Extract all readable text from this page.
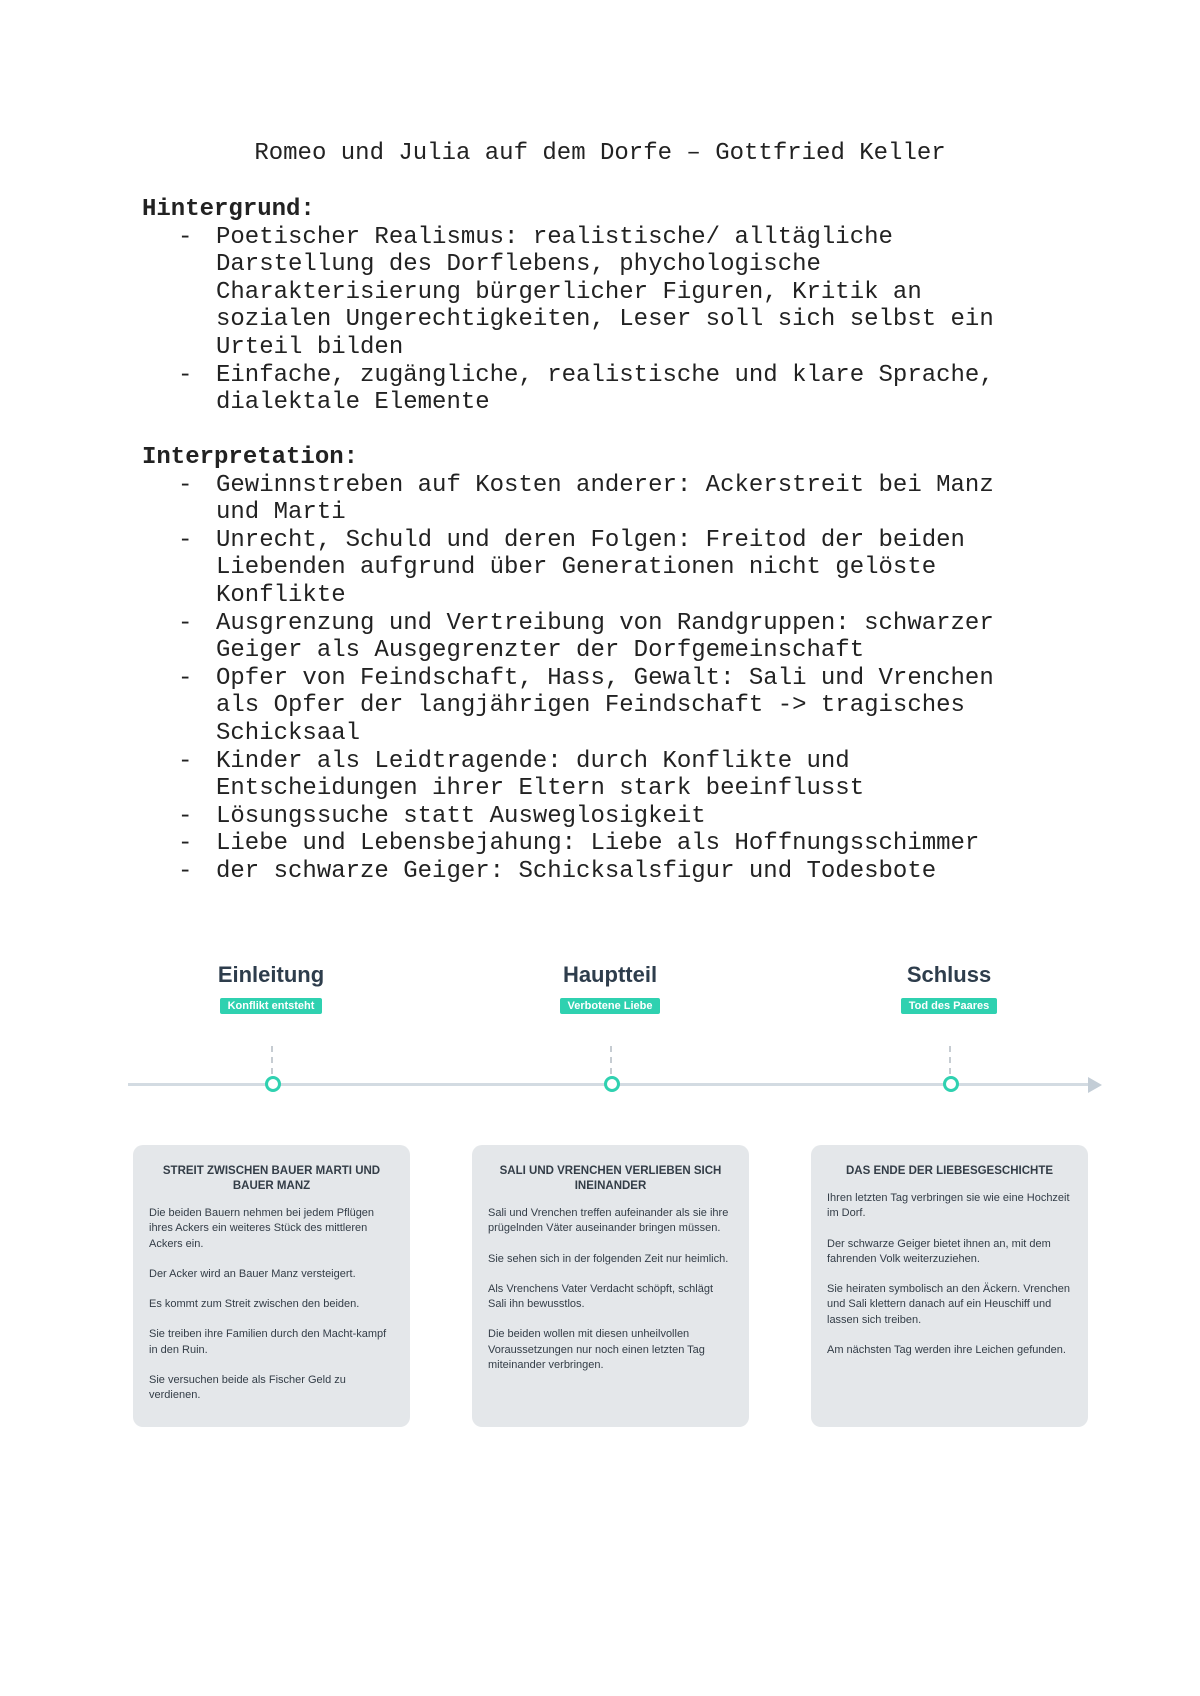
Romeo und Julia auf dem Dorfe – Gottfried Keller
Hintergrund:
- Poetischer Realismus: realistische/ alltägliche
Darstellung des Dorflebens, phychologische
Charakterisierung bürgerlicher Figuren, Kritik an
sozialen Ungerechtigkeiten, Leser soll sich selbst ein
Urteil bilden
- Einfache, zugängliche, realistische und klare Sprache,
dialektale Elemente
Interpretation:
- Gewinnstreben auf Kosten anderer: Ackerstreit bei Manz
und Marti
- Unrecht, Schuld und deren Folgen: Freitod der beiden
Liebenden aufgrund über Generationen nicht gelöste
Konflikte
- Ausgrenzung und Vertreibung von Randgruppen: schwarzer
Geiger als Ausgegrenzter der Dorfgemeinschaft
- Opfer von Feindschaft, Hass, Gewalt: Sali und Vrenchen
als Opfer der langjährigen Feindschaft -> tragisches
Schicksaal
- Kinder als Leidtragende: durch Konflikte und
Entscheidungen ihrer Eltern stark beeinflusst
- Lösungssuche statt Ausweglosigkeit
- Liebe und Lebensbejahung: Liebe als Hoffnungsschimmer
- der schwarze Geiger: Schicksalsfigur und Todesbote
Einleitung
Konflikt entsteht
Hauptteil
Verbotene Liebe
Schluss
Tod des Paares
STREIT ZWISCHEN BAUER MARTI UND BAUER MANZ

Die beiden Bauern nehmen bei jedem Pflügen ihres Ackers ein weiteres Stück des mittleren Ackers ein.

Der Acker wird an Bauer Manz versteigert.

Es kommt zum Streit zwischen den beiden.

Sie treiben ihre Familien durch den Macht-kampf in den Ruin.

Sie versuchen beide als Fischer Geld zu verdienen.

SALI UND VRENCHEN VERLIEBEN SICH INEINANDER

Sali und Vrenchen treffen aufeinander als sie ihre prügelnden Väter auseinander bringen müssen.

Sie sehen sich in der folgenden Zeit nur heimlich.

Als Vrenchens Vater Verdacht schöpft, schlägt Sali ihn bewusstlos.

Die beiden wollen mit diesen unheilvollen Voraussetzungen nur noch einen letzten Tag miteinander verbringen.

DAS ENDE DER LIEBESGESCHICHTE

Ihren letzten Tag verbringen sie wie eine Hochzeit im Dorf.

Der schwarze Geiger bietet ihnen an, mit dem fahrenden Volk weiterzuziehen.

Sie heiraten symbolisch an den Äckern. Vrenchen und Sali klettern danach auf ein Heuschiff und lassen sich treiben.

Am nächsten Tag werden ihre Leichen gefunden.
